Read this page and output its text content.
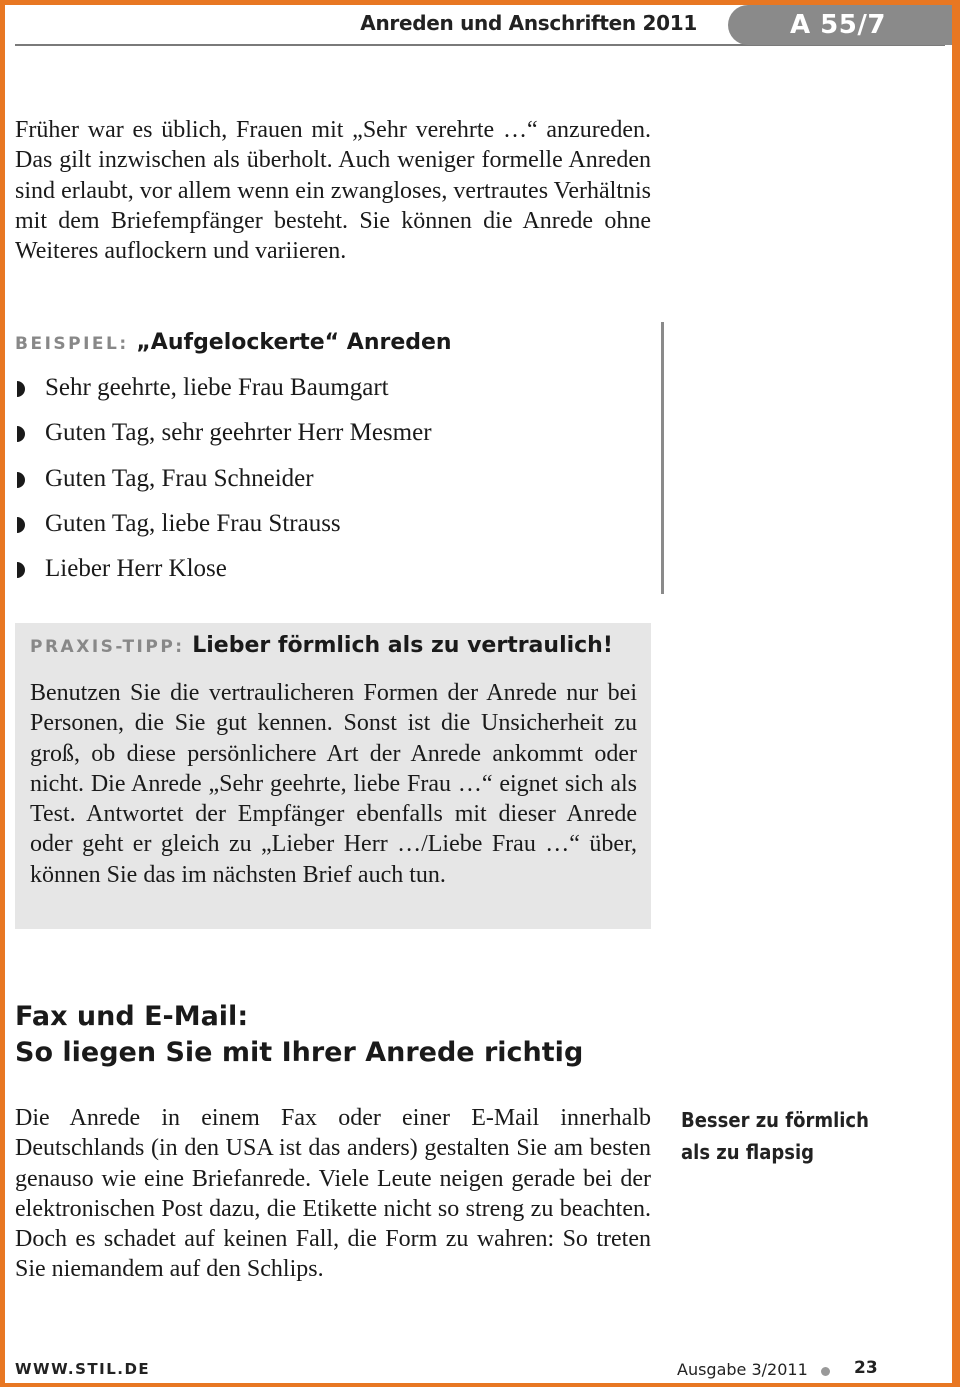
Anreden und Anschriften 2011	A 55/7
Früher war es üblich, Frauen mit „Sehr verehrte …“ anzureden. Das gilt inzwischen als überholt. Auch weniger formelle Anreden sind erlaubt, vor allem wenn ein zwangloses, vertrautes Verhältnis mit dem Briefempfänger besteht. Sie können die Anrede ohne Weiteres auflockern und variieren.
BEISPIEL: „Aufgelockerte“ Anreden
Sehr geehrte, liebe Frau Baumgart
Guten Tag, sehr geehrter Herr Mesmer
Guten Tag, Frau Schneider
Guten Tag, liebe Frau Strauss
Lieber Herr Klose
PRAXIS-TIPP: Lieber förmlich als zu vertraulich!
Benutzen Sie die vertraulicheren Formen der Anrede nur bei Personen, die Sie gut kennen. Sonst ist die Unsicherheit zu groß, ob diese persönlichere Art der Anrede ankommt oder nicht. Die Anrede „Sehr geehrte, liebe Frau …“ eignet sich als Test. Antwortet der Empfänger ebenfalls mit dieser Anrede oder geht er gleich zu „Lieber Herr …/Liebe Frau …“ über, können Sie das im nächsten Brief auch tun.
Fax und E-Mail:
So liegen Sie mit Ihrer Anrede richtig
Die Anrede in einem Fax oder einer E-Mail innerhalb Deutschlands (in den USA ist das anders) gestalten Sie am besten genauso wie eine Briefanrede. Viele Leute neigen gerade bei der elektronischen Post dazu, die Etikette nicht so streng zu beachten. Doch es schadet auf keinen Fall, die Form zu wahren: So treten Sie niemandem auf den Schlips.
Besser zu förmlich
als zu flapsig
WWW.STIL.DE	Ausgabe 3/2011	23
